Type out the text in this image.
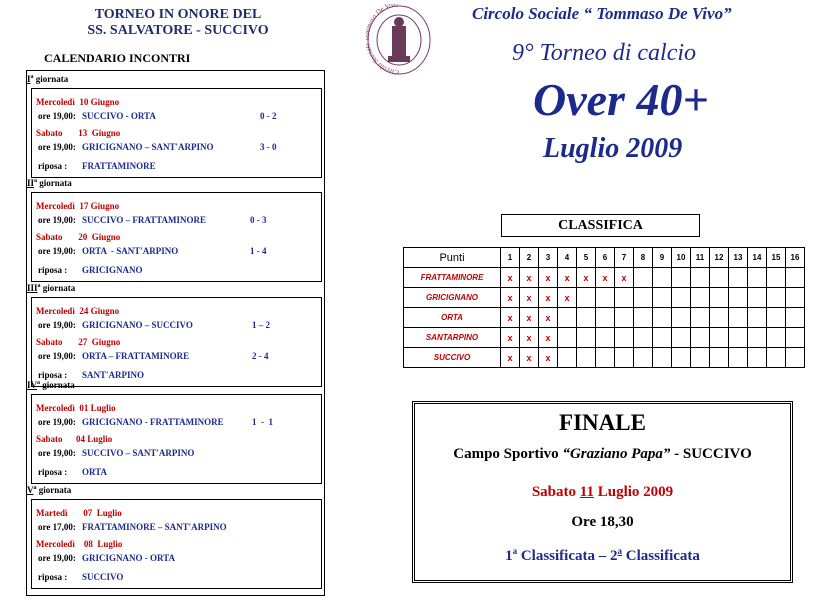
TORNEO IN ONORE DEL
SS. SALVATORE - SUCCIVO
CALENDARIO INCONTRI
$I^a$ giornata
Mercoledì  10 Giugno
ore 19,00: SUCCIVO - ORTA	0 - 2
Sabato       13  Giugno
ore 19,00: GRICIGNANO – SANT'ARPINO	3 - 0
riposa : FRATTAMINORE
$II^a$ giornata
Mercoledì  17 Giugno
ore 19,00: SUCCIVO – FRATTAMINORE	0 - 3
Sabato       20  Giugno
ore 19,00: ORTA  - SANT'ARPINO	1 - 4
riposa : GRICIGNANO
III$^a$ giornata
Mercoledì  24 Giugno
ore 19,00: GRICIGNANO – SUCCIVO	1 – 2
Sabato       27  Giugno
ore 19,00: ORTA – FRATTAMINORE	2 - 4
riposa : SANT'ARPINO
$IV^a$ giornata
Mercoledì  01 Luglio
ore 19,00: GRICIGNANO - FRATTAMINORE	1  -  1
Sabato      04 Luglio
ore 19,00: SUCCIVO – SANT'ARPINO
riposa : ORTA
$V^a$ giornata
Martedì       07  Luglio
ore 17,00: FRATTAMINORE – SANT'ARPINO
Mercoledì    08  Luglio
ore 19,00: GRICIGNANO - ORTA
riposa : SUCCIVO
Circolo Soci aso De Vivo	Circolo Sociale “ Tommaso De Vivo”
9° Torneo di calcio
Over 40+
Luglio 2009
CLASSIFICA
Punti	1	2	3	4	5	6	7	8	9	10	11	12	13	14	15	16
FRATTAMINORE	x	x	x	x	x	x	x									
GRICIGNANO	x	x	x	x												
ORTA	x	x	x													
SANTARPINO	x	x	x													
SUCCIVO	x	x	x													
FINALE
Campo Sportivo “Graziano Papa” - SUCCIVO
Sabato 11 Luglio 2009
Ore 18,30
1$^a$ Classificata – 2$^a$ Classificata
